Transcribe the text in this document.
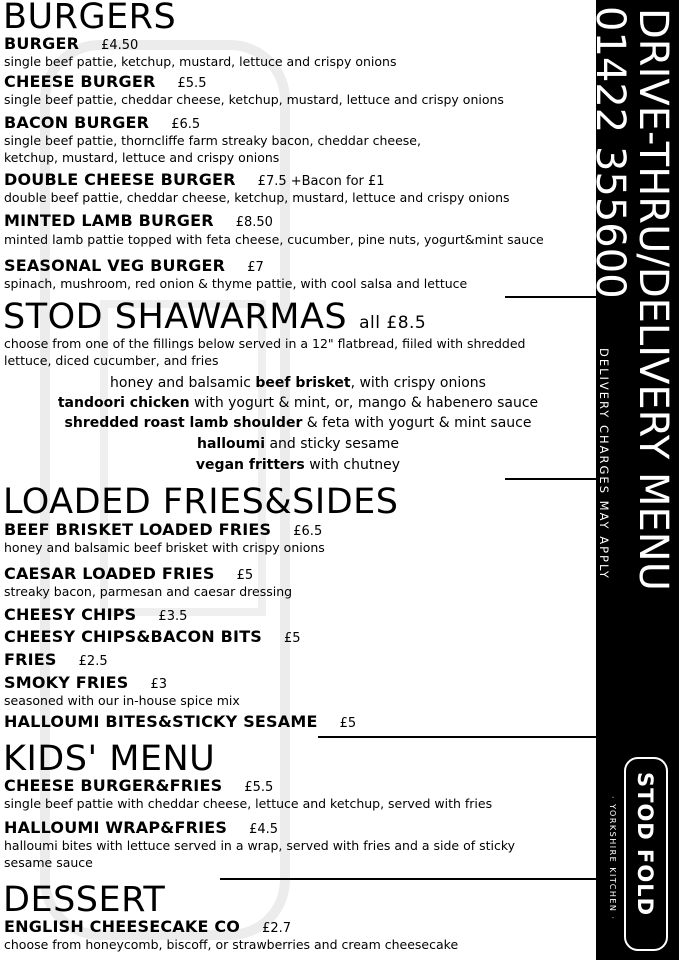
BURGERS
BURGER £4.50
single beef pattie, ketchup, mustard, lettuce and crispy onions
CHEESE BURGER £5.5
single beef pattie, cheddar cheese, ketchup, mustard, lettuce and crispy onions
BACON BURGER £6.5
single beef pattie, thorncliffe farm streaky bacon, cheddar cheese,
ketchup, mustard, lettuce and crispy onions
DOUBLE CHEESE BURGER £7.5 +Bacon for £1
double beef pattie, cheddar cheese, ketchup, mustard, lettuce and crispy onions
MINTED LAMB BURGER £8.50
minted lamb pattie topped with feta cheese, cucumber, pine nuts, yogurt&mint sauce
SEASONAL VEG BURGER £7
spinach, mushroom, red onion & thyme pattie, with cool salsa and lettuce
STOD SHAWARMAS all £8.5
choose from one of the fillings below served in a 12" flatbread, fiiled with shredded
lettuce, diced cucumber, and fries
honey and balsamic beef brisket, with crispy onions
tandoori chicken with yogurt & mint, or, mango & habenero sauce
shredded roast lamb shoulder & feta with yogurt & mint sauce
halloumi and sticky sesame
vegan fritters with chutney
LOADED FRIES&SIDES
BEEF BRISKET LOADED FRIES £6.5
honey and balsamic beef brisket with crispy onions
CAESAR LOADED FRIES £5
streaky bacon, parmesan and caesar dressing
CHEESY CHIPS £3.5
CHEESY CHIPS&BACON BITS £5
FRIES £2.5
SMOKY FRIES £3
seasoned with our in-house spice mix
HALLOUMI BITES&STICKY SESAME £5
KIDS' MENU
CHEESE BURGER&FRIES £5.5
single beef pattie with cheddar cheese, lettuce and ketchup, served with fries
HALLOUMI WRAP&FRIES £4.5
halloumi bites with lettuce served in a wrap, served with fries and a side of sticky
sesame sauce
DESSERT
ENGLISH CHEESECAKE CO £2.7
choose from honeycomb, biscoff, or strawberries and cream cheesecake
DRIVE-THRU/DELIVERY MENU
01422 355600
DELIVERY CHARGES MAY APPLY
STOD FOLD
· YORKSHIRE KITCHEN ·
